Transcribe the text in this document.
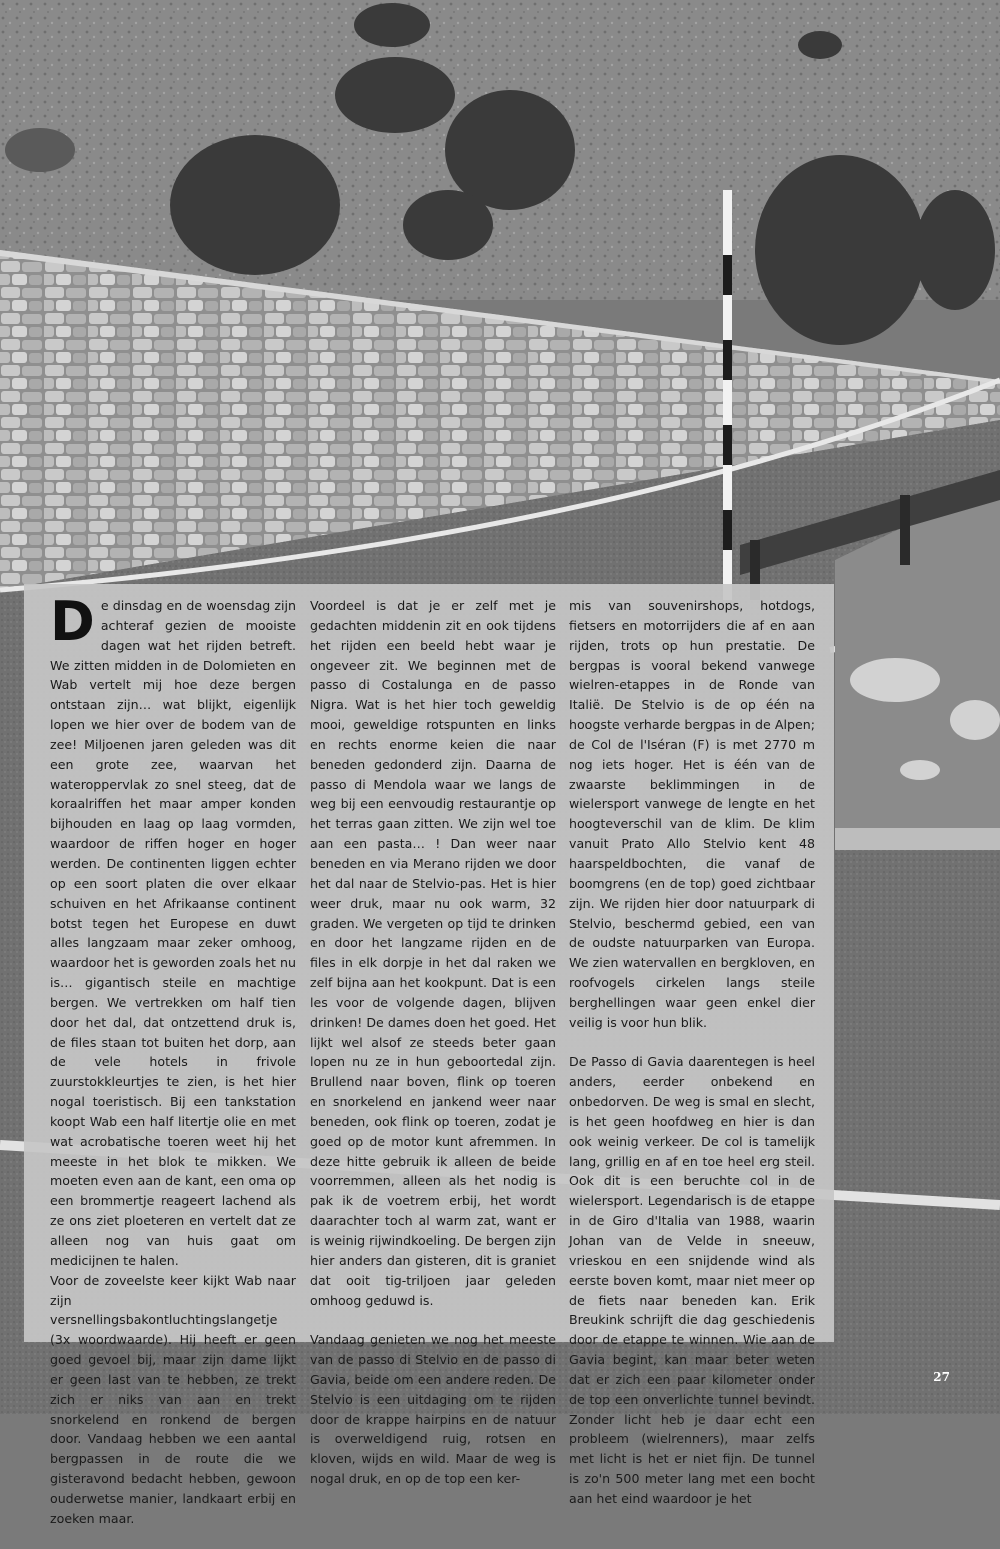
De dinsdag en de woensdag zijn achteraf gezien de mooiste dagen wat het rijden betreft. We zitten midden in de Dolomieten en Wab vertelt mij hoe deze bergen ontstaan zijn… wat blijkt, eigenlijk lopen we hier over de bodem van de zee! Miljoenen jaren geleden was dit een grote zee, waarvan het wateroppervlak zo snel steeg, dat de koraalriffen het maar amper konden bijhouden en laag op laag vormden, waardoor de riffen hoger en hoger werden. De continenten liggen echter op een soort platen die over elkaar schuiven en het Afrikaanse continent botst tegen het Europese en duwt alles langzaam maar zeker omhoog, waardoor het is geworden zoals het nu is… gigantisch steile en machtige bergen. We vertrekken om half tien door het dal, dat ontzettend druk is, de files staan tot buiten het dorp, aan de vele hotels in frivole zuurstokkleurtjes te zien, is het hier nogal toeristisch. Bij een tankstation koopt Wab een half litertje olie en met wat acrobatische toeren weet hij het meeste in het blok te mikken. We moeten even aan de kant, een oma op een brommertje reageert lachend als ze ons ziet ploeteren en vertelt dat ze alleen nog van huis gaat om medicijnen te halen.

Voor de zoveelste keer kijkt Wab naar zijn versnellingsbakontluchtingslangetje (3x woordwaarde). Hij heeft er geen goed gevoel bij, maar zijn dame lijkt er geen last van te hebben, ze trekt zich er niks van aan en trekt snorkelend en ronkend de bergen door. Vandaag hebben we een aantal bergpassen in de route die we gisteravond bedacht hebben, gewoon ouderwetse manier, landkaart erbij en zoeken maar.

Voordeel is dat je er zelf met je gedachten middenin zit en ook tijdens het rijden een beeld hebt waar je ongeveer zit. We beginnen met de passo di Costalunga en de passo Nigra. Wat is het hier toch geweldig mooi, geweldige rotspunten en links en rechts enorme keien die naar beneden gedonderd zijn. Daarna de passo di Mendola waar we langs de weg bij een eenvoudig restaurantje op het terras gaan zitten. We zijn wel toe aan een pasta… ! Dan weer naar beneden en via Merano rijden we door het dal naar de Stelvio-pas. Het is hier weer druk, maar nu ook warm, 32 graden. We vergeten op tijd te drinken en door het langzame rijden en de files in elk dorpje in het dal raken we zelf bijna aan het kookpunt. Dat is een les voor de volgende dagen, blijven drinken! De dames doen het goed. Het lijkt wel alsof ze steeds beter gaan lopen nu ze in hun geboortedal zijn. Brullend naar boven, flink op toeren en snorkelend en jankend weer naar beneden, ook flink op toeren, zodat je goed op de motor kunt afremmen. In deze hitte gebruik ik alleen de beide voorremmen, alleen als het nodig is pak ik de voetrem erbij, het wordt daarachter toch al warm zat, want er is weinig rijwindkoeling. De bergen zijn hier anders dan gisteren, dit is graniet dat ooit tig-triljoen jaar geleden omhoog geduwd is.

Vandaag genieten we nog het meeste van de passo di Stelvio en de passo di Gavia, beide om een andere reden. De Stelvio is een uitdaging om te rijden door de krappe hairpins en de natuur is overweldigend ruig, rotsen en kloven, wijds en wild. Maar de weg is nogal druk, en op de top een ker-

mis van souvenirshops, hotdogs, fietsers en motorrijders die af en aan rijden, trots op hun prestatie. De bergpas is vooral bekend vanwege wielren-etappes in de Ronde van Italië. De Stelvio is de op één na hoogste verharde bergpas in de Alpen; de Col de l'Iséran (F) is met 2770 m nog iets hoger. Het is één van de zwaarste beklimmingen in de wielersport vanwege de lengte en het hoogteverschil van de klim. De klim vanuit Prato Allo Stelvio kent 48 haarspeldbochten, die vanaf de boomgrens (en de top) goed zichtbaar zijn. We rijden hier door natuurpark di Stelvio, beschermd gebied, een van de oudste natuurparken van Europa. We zien watervallen en bergkloven, en roofvogels cirkelen langs steile berghellingen waar geen enkel dier veilig is voor hun blik.

De Passo di Gavia daarentegen is heel anders, eerder onbekend en onbedorven. De weg is smal en slecht, is het geen hoofdweg en hier is dan ook weinig verkeer. De col is tamelijk lang, grillig en af en toe heel erg steil. Ook dit is een beruchte col in de wielersport. Legendarisch is de etappe in de Giro d'Italia van 1988, waarin Johan van de Velde in sneeuw, vrieskou en een snijdende wind als eerste boven komt, maar niet meer op de fiets naar beneden kan. Erik Breukink schrijft die dag geschiedenis door de etappe te winnen. Wie aan de Gavia begint, kan maar beter weten dat er zich een paar kilometer onder de top een onverlichte tunnel bevindt. Zonder licht heb je daar echt een probleem (wielrenners), maar zelfs met licht is het er niet fijn. De tunnel is zo'n 500 meter lang met een bocht aan het eind waardoor je het

27
